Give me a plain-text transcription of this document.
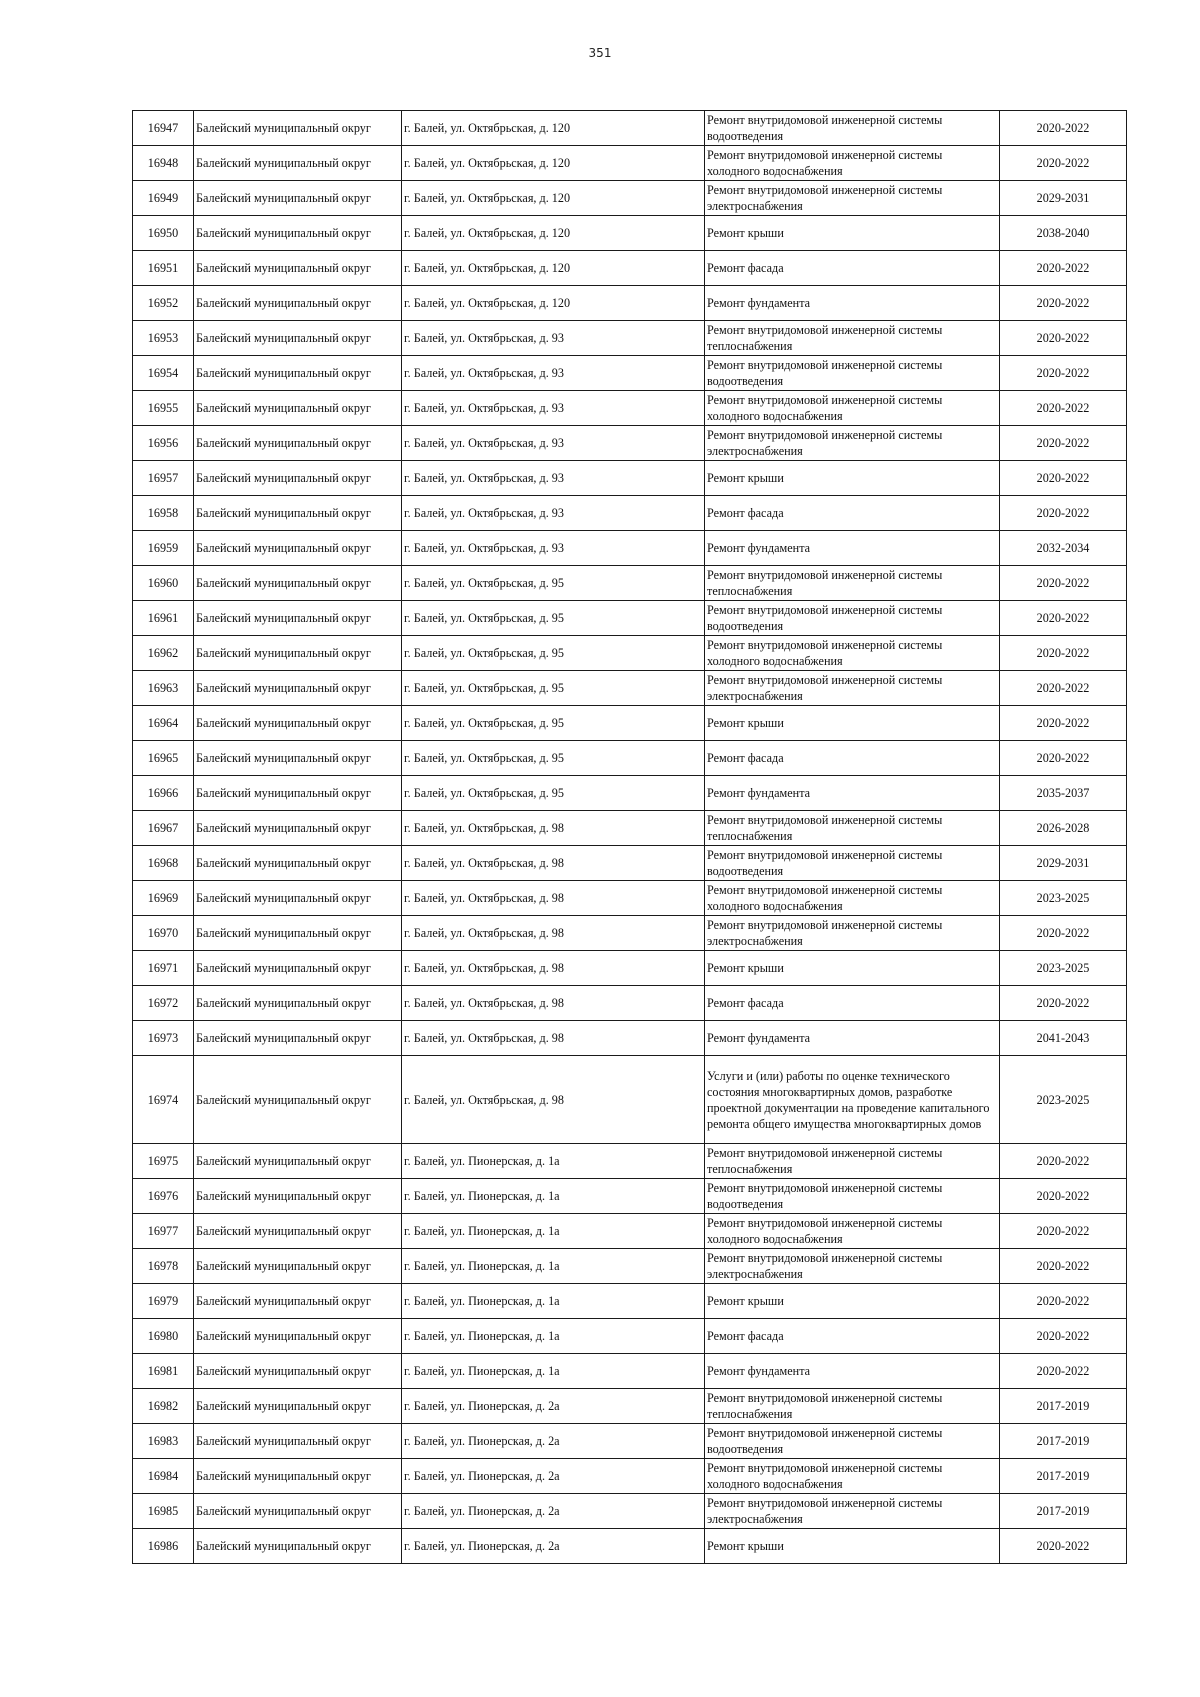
351
16947	Балейский муниципальный округ	г. Балей, ул. Октябрьская, д. 120	Ремонт внутридомовой инженерной системы водоотведения	2020-2022
16948	Балейский муниципальный округ	г. Балей, ул. Октябрьская, д. 120	Ремонт внутридомовой инженерной системы холодного водоснабжения	2020-2022
16949	Балейский муниципальный округ	г. Балей, ул. Октябрьская, д. 120	Ремонт внутридомовой инженерной системы электроснабжения	2029-2031
16950	Балейский муниципальный округ	г. Балей, ул. Октябрьская, д. 120	Ремонт крыши	2038-2040
16951	Балейский муниципальный округ	г. Балей, ул. Октябрьская, д. 120	Ремонт фасада	2020-2022
16952	Балейский муниципальный округ	г. Балей, ул. Октябрьская, д. 120	Ремонт фундамента	2020-2022
16953	Балейский муниципальный округ	г. Балей, ул. Октябрьская, д. 93	Ремонт внутридомовой инженерной системы теплоснабжения	2020-2022
16954	Балейский муниципальный округ	г. Балей, ул. Октябрьская, д. 93	Ремонт внутридомовой инженерной системы водоотведения	2020-2022
16955	Балейский муниципальный округ	г. Балей, ул. Октябрьская, д. 93	Ремонт внутридомовой инженерной системы холодного водоснабжения	2020-2022
16956	Балейский муниципальный округ	г. Балей, ул. Октябрьская, д. 93	Ремонт внутридомовой инженерной системы электроснабжения	2020-2022
16957	Балейский муниципальный округ	г. Балей, ул. Октябрьская, д. 93	Ремонт крыши	2020-2022
16958	Балейский муниципальный округ	г. Балей, ул. Октябрьская, д. 93	Ремонт фасада	2020-2022
16959	Балейский муниципальный округ	г. Балей, ул. Октябрьская, д. 93	Ремонт фундамента	2032-2034
16960	Балейский муниципальный округ	г. Балей, ул. Октябрьская, д. 95	Ремонт внутридомовой инженерной системы теплоснабжения	2020-2022
16961	Балейский муниципальный округ	г. Балей, ул. Октябрьская, д. 95	Ремонт внутридомовой инженерной системы водоотведения	2020-2022
16962	Балейский муниципальный округ	г. Балей, ул. Октябрьская, д. 95	Ремонт внутридомовой инженерной системы холодного водоснабжения	2020-2022
16963	Балейский муниципальный округ	г. Балей, ул. Октябрьская, д. 95	Ремонт внутридомовой инженерной системы электроснабжения	2020-2022
16964	Балейский муниципальный округ	г. Балей, ул. Октябрьская, д. 95	Ремонт крыши	2020-2022
16965	Балейский муниципальный округ	г. Балей, ул. Октябрьская, д. 95	Ремонт фасада	2020-2022
16966	Балейский муниципальный округ	г. Балей, ул. Октябрьская, д. 95	Ремонт фундамента	2035-2037
16967	Балейский муниципальный округ	г. Балей, ул. Октябрьская, д. 98	Ремонт внутридомовой инженерной системы теплоснабжения	2026-2028
16968	Балейский муниципальный округ	г. Балей, ул. Октябрьская, д. 98	Ремонт внутридомовой инженерной системы водоотведения	2029-2031
16969	Балейский муниципальный округ	г. Балей, ул. Октябрьская, д. 98	Ремонт внутридомовой инженерной системы холодного водоснабжения	2023-2025
16970	Балейский муниципальный округ	г. Балей, ул. Октябрьская, д. 98	Ремонт внутридомовой инженерной системы электроснабжения	2020-2022
16971	Балейский муниципальный округ	г. Балей, ул. Октябрьская, д. 98	Ремонт крыши	2023-2025
16972	Балейский муниципальный округ	г. Балей, ул. Октябрьская, д. 98	Ремонт фасада	2020-2022
16973	Балейский муниципальный округ	г. Балей, ул. Октябрьская, д. 98	Ремонт фундамента	2041-2043
16974	Балейский муниципальный округ	г. Балей, ул. Октябрьская, д. 98	Услуги и (или) работы по оценке технического состояния многоквартирных домов, разработке проектной документации на проведение капитального ремонта общего имущества многоквартирных домов	2023-2025
16975	Балейский муниципальный округ	г. Балей, ул. Пионерская, д. 1а	Ремонт внутридомовой инженерной системы теплоснабжения	2020-2022
16976	Балейский муниципальный округ	г. Балей, ул. Пионерская, д. 1а	Ремонт внутридомовой инженерной системы водоотведения	2020-2022
16977	Балейский муниципальный округ	г. Балей, ул. Пионерская, д. 1а	Ремонт внутридомовой инженерной системы холодного водоснабжения	2020-2022
16978	Балейский муниципальный округ	г. Балей, ул. Пионерская, д. 1а	Ремонт внутридомовой инженерной системы электроснабжения	2020-2022
16979	Балейский муниципальный округ	г. Балей, ул. Пионерская, д. 1а	Ремонт крыши	2020-2022
16980	Балейский муниципальный округ	г. Балей, ул. Пионерская, д. 1а	Ремонт фасада	2020-2022
16981	Балейский муниципальный округ	г. Балей, ул. Пионерская, д. 1а	Ремонт фундамента	2020-2022
16982	Балейский муниципальный округ	г. Балей, ул. Пионерская, д. 2а	Ремонт внутридомовой инженерной системы теплоснабжения	2017-2019
16983	Балейский муниципальный округ	г. Балей, ул. Пионерская, д. 2а	Ремонт внутридомовой инженерной системы водоотведения	2017-2019
16984	Балейский муниципальный округ	г. Балей, ул. Пионерская, д. 2а	Ремонт внутридомовой инженерной системы холодного водоснабжения	2017-2019
16985	Балейский муниципальный округ	г. Балей, ул. Пионерская, д. 2а	Ремонт внутридомовой инженерной системы электроснабжения	2017-2019
16986	Балейский муниципальный округ	г. Балей, ул. Пионерская, д. 2а	Ремонт крыши	2020-2022
